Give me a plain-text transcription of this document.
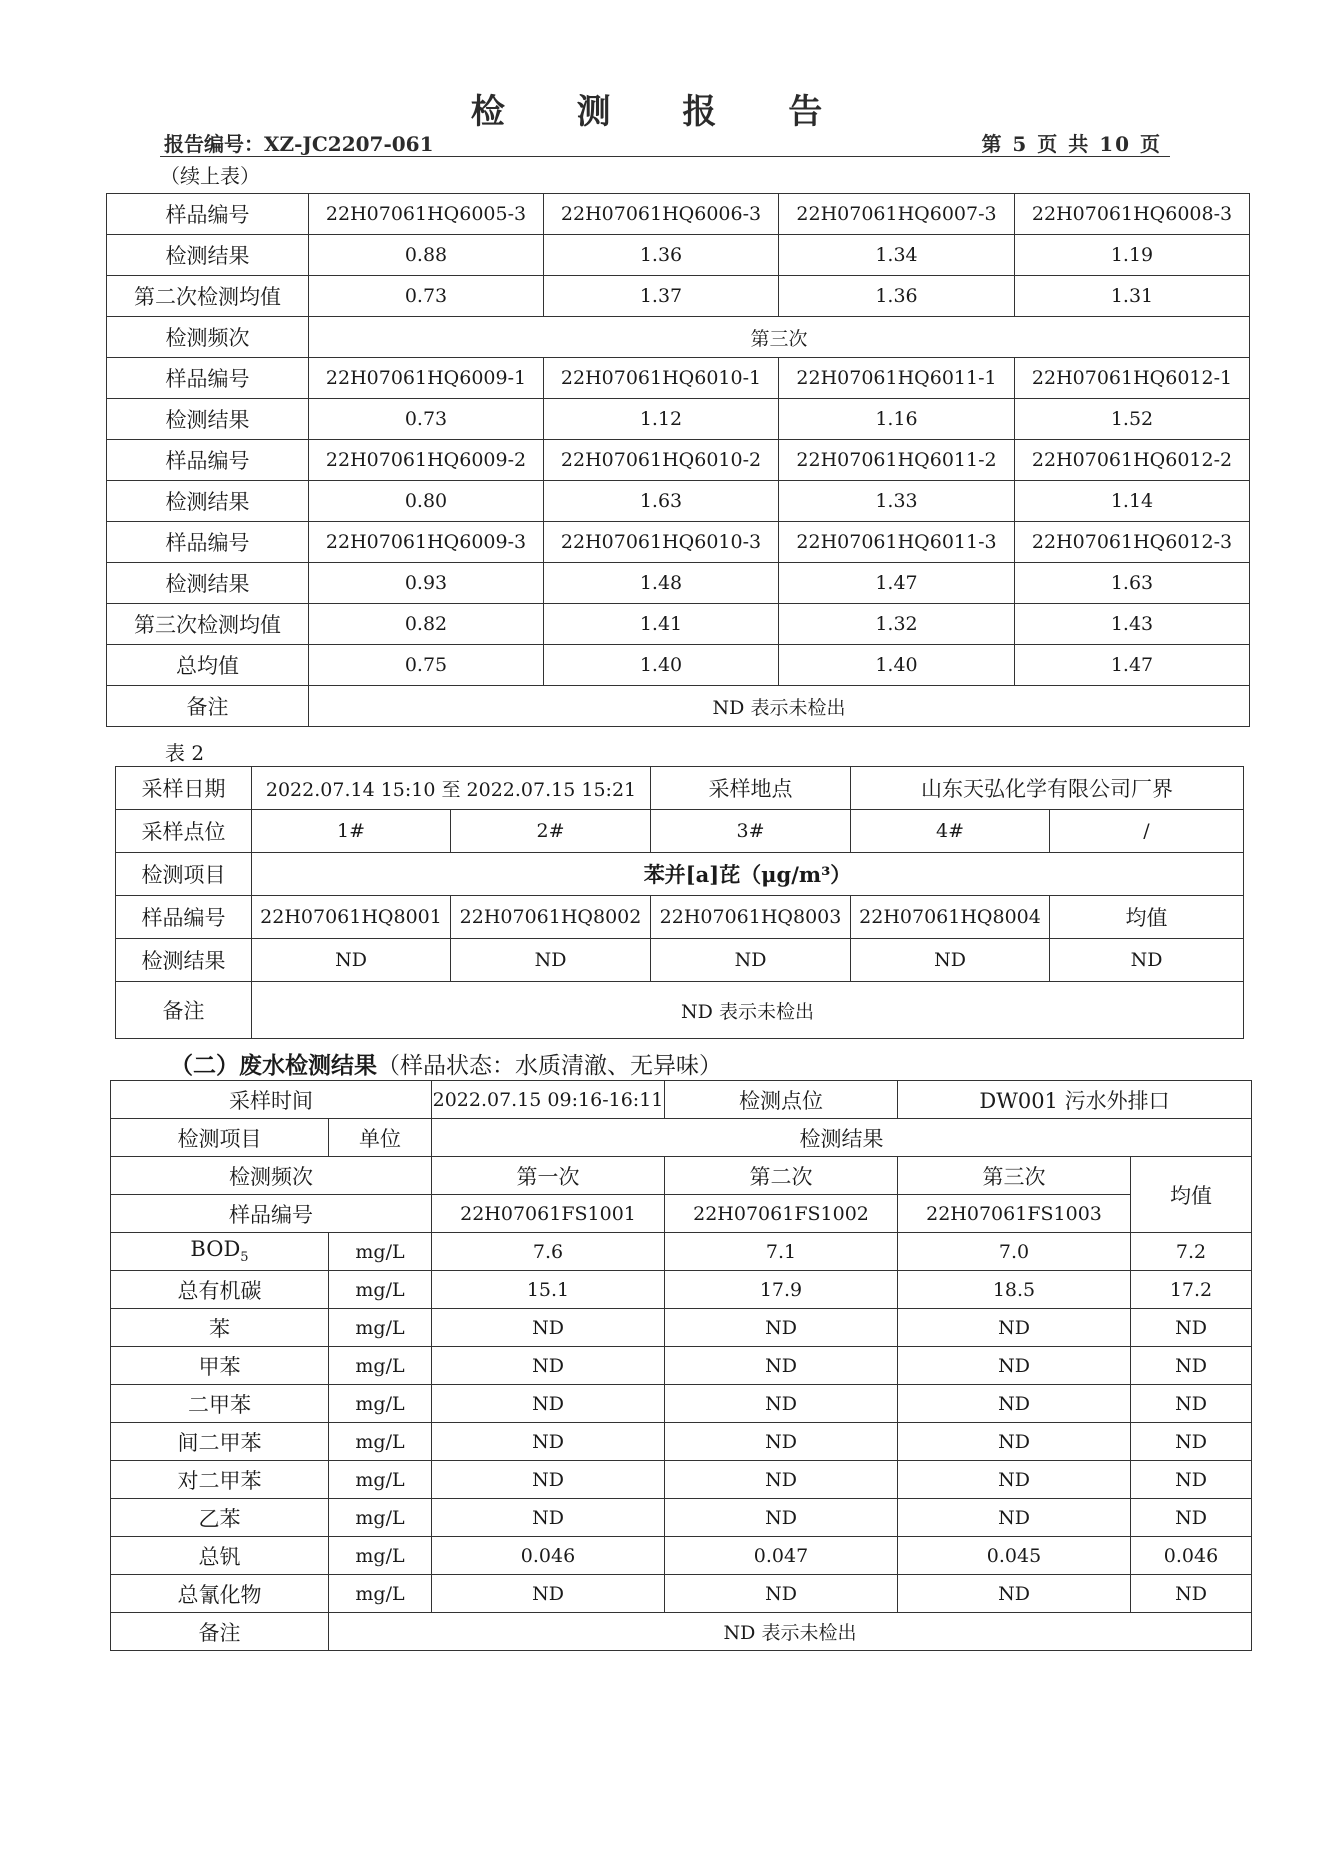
检 测 报 告
报告编号：XZ-JC2207-061	第 5 页 共 10 页
（续上表）
样品编号	22H07061HQ6005-3	22H07061HQ6006-3	22H07061HQ6007-3	22H07061HQ6008-3
检测结果	0.88	1.36	1.34	1.19
第二次检测均值	0.73	1.37	1.36	1.31
检测频次	第三次			
样品编号	22H07061HQ6009-1	22H07061HQ6010-1	22H07061HQ6011-1	22H07061HQ6012-1
检测结果	0.73	1.12	1.16	1.52
样品编号	22H07061HQ6009-2	22H07061HQ6010-2	22H07061HQ6011-2	22H07061HQ6012-2
检测结果	0.80	1.63	1.33	1.14
样品编号	22H07061HQ6009-3	22H07061HQ6010-3	22H07061HQ6011-3	22H07061HQ6012-3
检测结果	0.93	1.48	1.47	1.63
第三次检测均值	0.82	1.41	1.32	1.43
总均值	0.75	1.40	1.40	1.47
备注	ND 表示未检出			
表 2
采样日期	2022.07.14 15:10 至 2022.07.15 15:21		采样地点	山东天弘化学有限公司厂界	
采样点位	1#	2#	3#	4#	/
检测项目	苯并[a]芘（μg/m³）				
样品编号	22H07061HQ8001	22H07061HQ8002	22H07061HQ8003	22H07061HQ8004	均值
检测结果	ND	ND	ND	ND	ND
备注	ND 表示未检出				
（二）废水检测结果（样品状态：水质清澈、无异味）
采样时间		2022.07.15 09:16-16:11	检测点位	DW001 污水外排口	
检测项目	单位	检测结果			
检测频次		第一次	第二次	第三次	均值
样品编号		22H07061FS1001	22H07061FS1002	22H07061FS1003	
$BOD_5$	mg/L	7.6	7.1	7.0	7.2
总有机碳	mg/L	15.1	17.9	18.5	17.2
苯	mg/L	ND	ND	ND	ND
甲苯	mg/L	ND	ND	ND	ND
二甲苯	mg/L	ND	ND	ND	ND
间二甲苯	mg/L	ND	ND	ND	ND
对二甲苯	mg/L	ND	ND	ND	ND
乙苯	mg/L	ND	ND	ND	ND
总钒	mg/L	0.046	0.047	0.045	0.046
总氰化物	mg/L	ND	ND	ND	ND
备注	ND 表示未检出				
